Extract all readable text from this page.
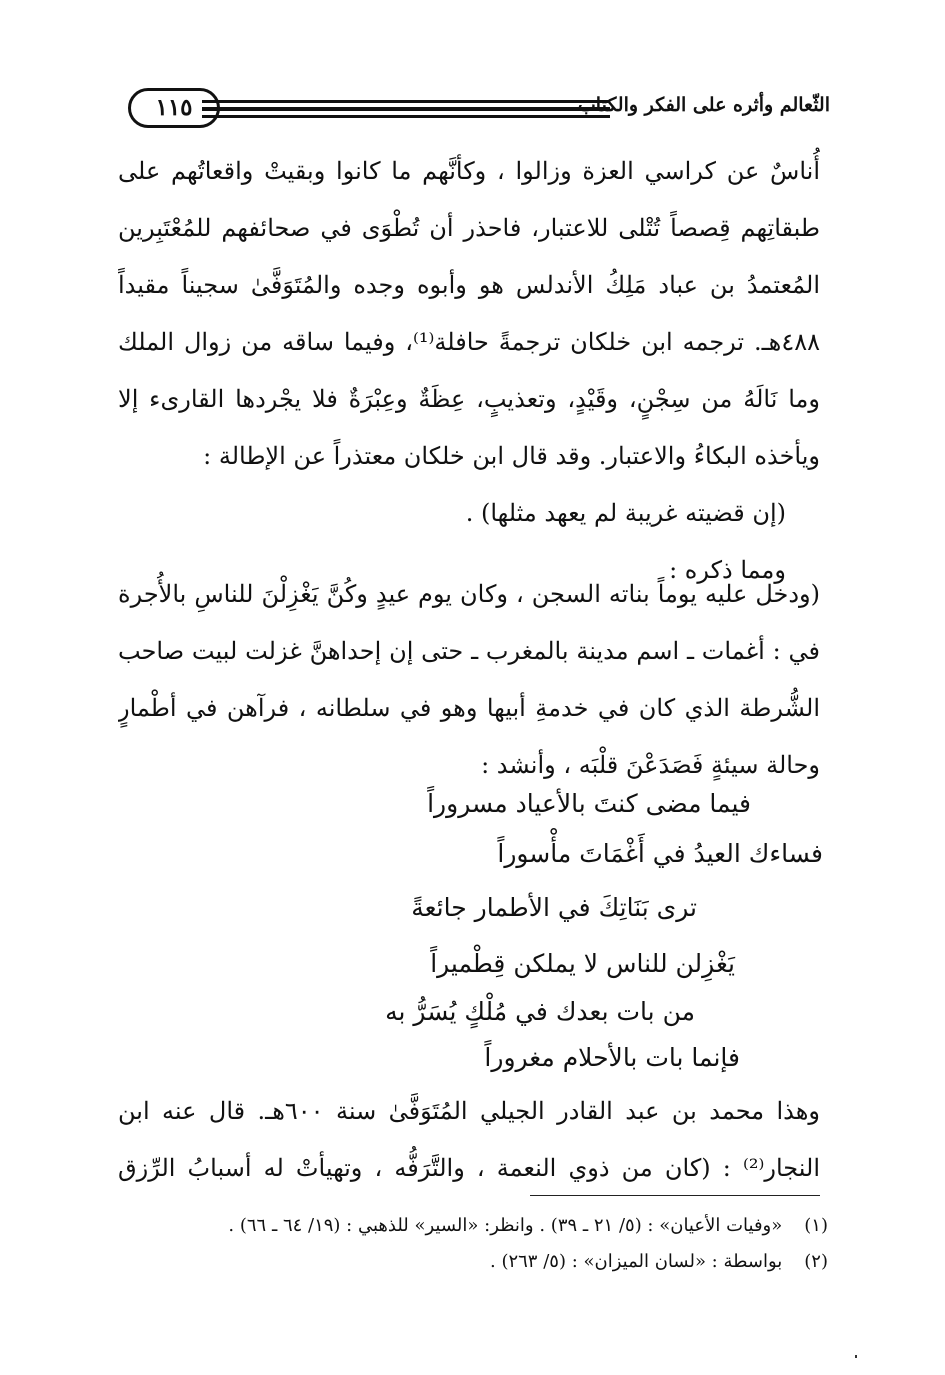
١١٥	الثّعالم وأثره على الفكر والكتاب
أُناسٌ عن كراسي العزة وزالوا ، وكأنَّهم ما كانوا وبقيتْ واقعاتُهم على
طبقاتِهم قِصصاً تُتْلى للاعتبار، فاحذر أن تُطْوَى في صحائفهم للمُعْتَبِرين
المُعتمدُ بن عباد مَلِكُ الأندلس هو وأبوه وجده والمُتَوَفَّىٰ سجيناً مقيداً
٤٨٨هـ. ترجمه ابن خلكان ترجمةً حافلة⁽¹⁾، وفيما ساقه من زوال الملك
وما نَالَهُ من سِجْنٍ، وقَيْدٍ، وتعذيبٍ، عِظَةٌ وعِبْرَةٌ فلا يجْردها القارىء إلا
ويأخذه البكاءُ والاعتبار. وقد قال ابن خلكان معتذراً عن الإطالة :
(إن قضيته غريبة لم يعهد مثلها) .
ومما ذكره :
(ودخل عليه يوماً بناته السجن ، وكان يوم عيدٍ وكُنَّ يَغْزِلْنَ للناسِ بالأُجرة
في : أغمات ـ اسم مدينة بالمغرب ـ حتى إن إحداهنَّ غزلت لبيت صاحب
الشُّرطة الذي كان في خدمةِ أبيها وهو في سلطانه ، فرآهن في أطْمارٍ
وحالة سيئةٍ فَصَدَعْنَ قلْبَه ، وأنشد :
فيما مضى كنتَ بالأعياد مسروراً
فساءك العيدُ في أَغْمَاتَ مأْسوراً
ترى بَنَاتِكَ في الأطمار جائعةً
يَغْزِلن للناس لا يملكن قِطْميراً
من بات بعدك في مُلْكٍ يُسَرُّ به
فإنما بات بالأحلام مغروراً
وهذا محمد بن عبد القادر الجيلي المُتَوَفَّىٰ سنة ٦٠٠هـ. قال عنه ابن
النجار⁽²⁾ : (كان من ذوي النعمة ، والتَّرَفُّه ، وتهيأتْ له أسبابُ الرِّزق
(١) «وفيات الأعيان» : (٥/ ٢١ ـ ٣٩) . وانظر: «السير» للذهبي : (١٩/ ٦٤ ـ ٦٦) .
(٢) بواسطة : «لسان الميزان» : (٥/ ٢٦٣) .
